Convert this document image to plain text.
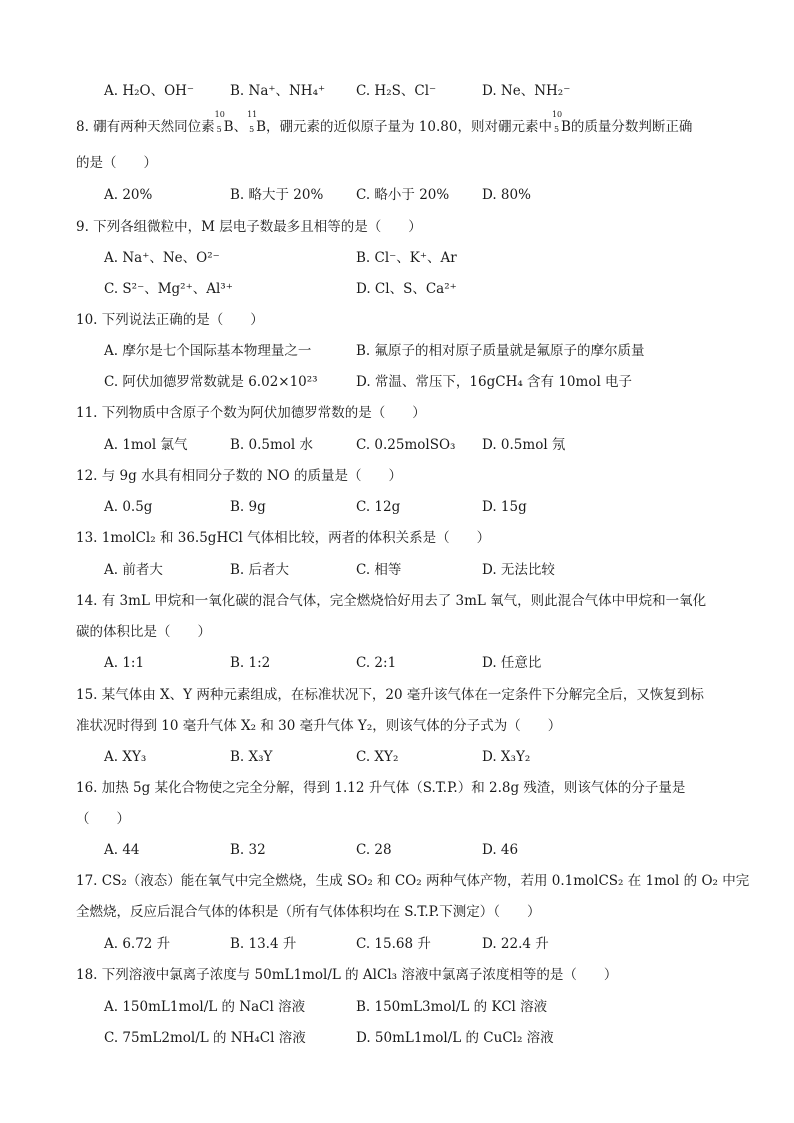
A. H₂O、OH⁻	B. Na⁺、NH₄⁺ C. H₂S、Cl⁻	D. Ne、NH₂⁻
8. 硼有两种天然同位素
10
5 B、
11
5 B，硼元素的近似原子量为 10.80，则对硼元素中
10
5 B的质量分数判断正确
的是（　　）
A. 20%	B. 略大于 20% C. 略小于 20% D. 80%
9. 下列各组微粒中，M 层电子数最多且相等的是（　　）
A. Na⁺、Ne、O²⁻	B. Cl⁻、K⁺、Ar
C. S²⁻、Mg²⁺、Al³⁺	D. Cl、S、Ca²⁺
10. 下列说法正确的是（　　）
A. 摩尔是七个国际基本物理量之一	B. 氟原子的相对原子质量就是氟原子的摩尔质量
C. 阿伏加德罗常数就是 6.02×10²³	D. 常温、常压下，16gCH₄ 含有 10mol 电子
11. 下列物质中含原子个数为阿伏加德罗常数的是（　　）
A. 1mol 氯气	B. 0.5mol 水	C. 0.25molSO₃ D. 0.5mol 氖
12. 与 9g 水具有相同分子数的 NO 的质量是（　　）
A. 0.5g	B. 9g	C. 12g	D. 15g
13. 1molCl₂ 和 36.5gHCl 气体相比较，两者的体积关系是（　　）
A. 前者大	B. 后者大	C. 相等	D. 无法比较
14. 有 3mL 甲烷和一氧化碳的混合气体，完全燃烧恰好用去了 3mL 氧气，则此混合气体中甲烷和一氧化
碳的体积比是（　　）
A. 1:1	B. 1:2	C. 2:1	D. 任意比
15. 某气体由 X、Y 两种元素组成，在标准状况下，20 毫升该气体在一定条件下分解完全后，又恢复到标
准状况时得到 10 毫升气体 X₂ 和 30 毫升气体 Y₂，则该气体的分子式为（　　）
A. XY₃	B. X₃Y	C. XY₂	D. X₃Y₂
16. 加热 5g 某化合物使之完全分解，得到 1.12 升气体（S.T.P.）和 2.8g 残渣，则该气体的分子量是
（　　）
A. 44	B. 32	C. 28	D. 46
17. CS₂（液态）能在氧气中完全燃烧，生成 SO₂ 和 CO₂ 两种气体产物，若用 0.1molCS₂ 在 1mol 的 O₂ 中完
全燃烧，反应后混合气体的体积是（所有气体体积均在 S.T.P.下测定）（　　）
A. 6.72 升	B. 13.4 升	C. 15.68 升	D. 22.4 升
18. 下列溶液中氯离子浓度与 50mL1mol/L 的 AlCl₃ 溶液中氯离子浓度相等的是（　　）
A. 150mL1mol/L 的 NaCl 溶液	B. 150mL3mol/L 的 KCl 溶液
C. 75mL2mol/L 的 NH₄Cl 溶液	D. 50mL1mol/L 的 CuCl₂ 溶液
